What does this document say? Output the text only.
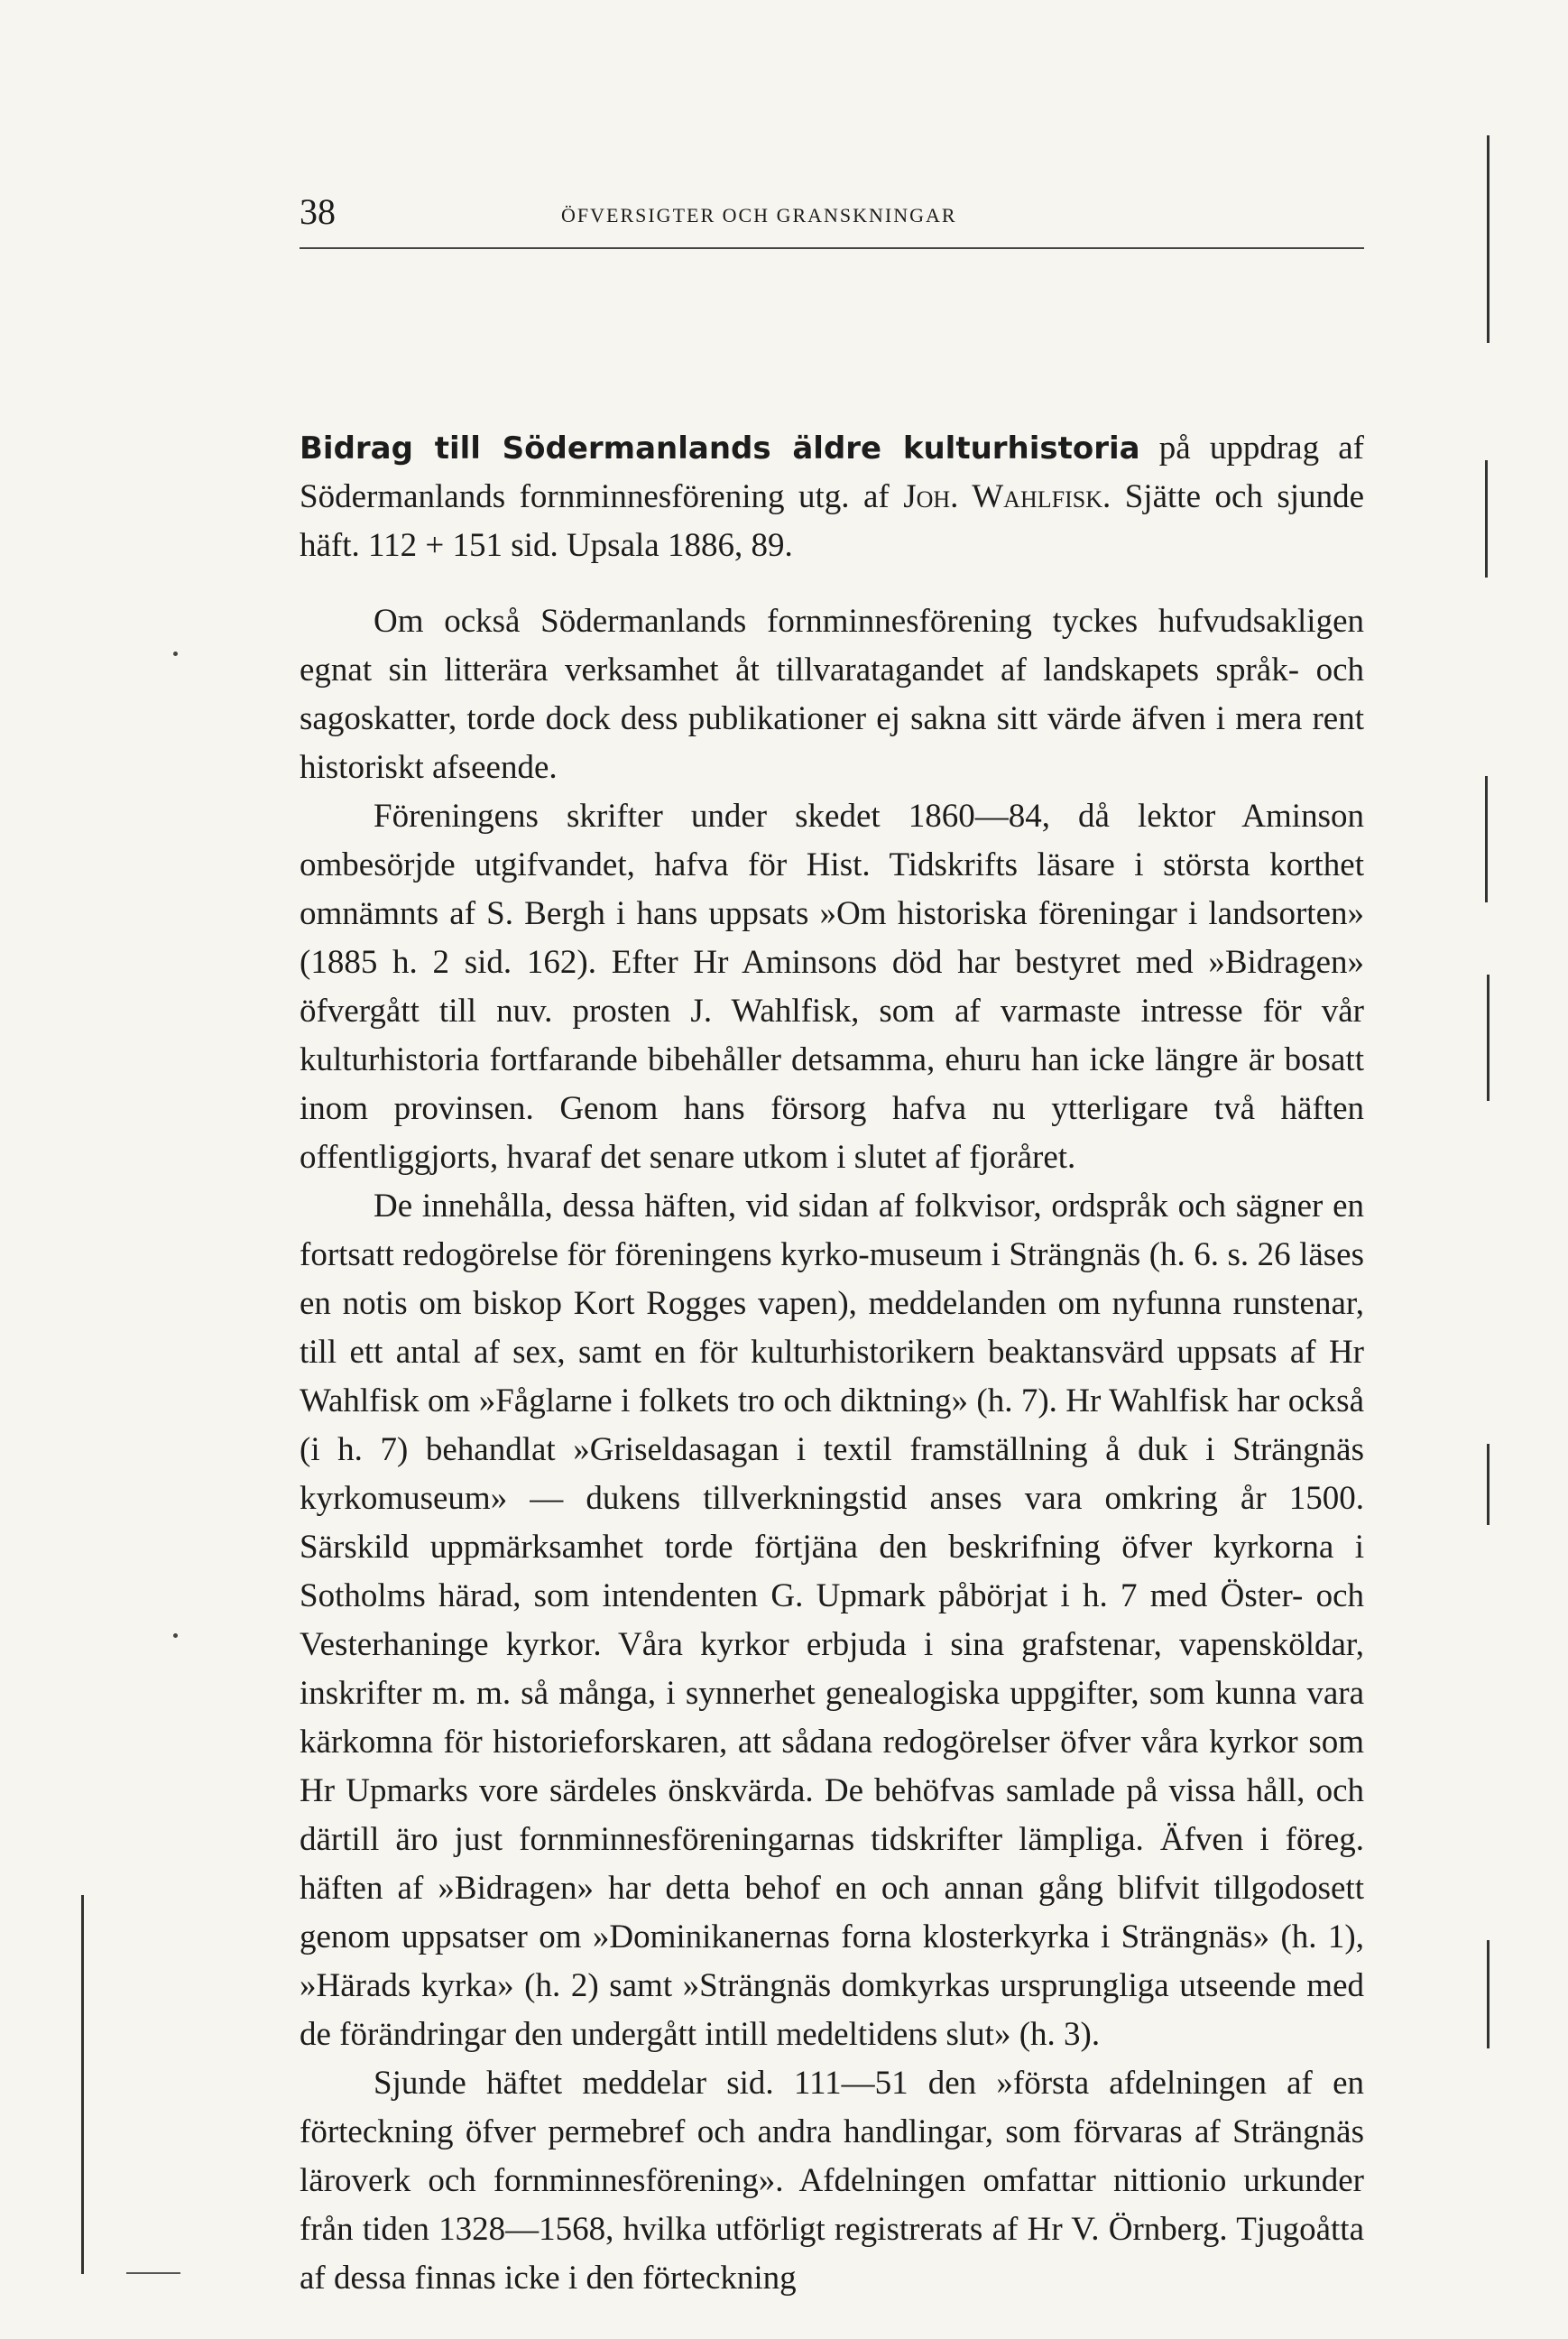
38	ÖFVERSIGTER OCH GRANSKNINGAR

Bidrag till Södermanlands äldre kulturhistoria på uppdrag af Södermanlands fornminnesförening utg. af Joh. Wahlfisk. Sjätte och sjunde häft. 112 + 151 sid. Upsala 1886, 89.

Om också Södermanlands fornminnesförening tyckes hufvudsakligen egnat sin litterära verksamhet åt tillvaratagandet af landskapets språk- och sagoskatter, torde dock dess publikationer ej sakna sitt värde äfven i mera rent historiskt afseende.

Föreningens skrifter under skedet 1860—84, då lektor Aminson ombesörjde utgifvandet, hafva för Hist. Tidskrifts läsare i största korthet omnämnts af S. Bergh i hans uppsats »Om historiska föreningar i landsorten» (1885 h. 2 sid. 162). Efter Hr Aminsons död har bestyret med »Bidragen» öfvergått till nuv. prosten J. Wahlfisk, som af varmaste intresse för vår kulturhistoria fortfarande bibehåller detsamma, ehuru han icke längre är bosatt inom provinsen. Genom hans försorg hafva nu ytterligare två häften offentliggjorts, hvaraf det senare utkom i slutet af fjoråret.

De innehålla, dessa häften, vid sidan af folkvisor, ordspråk och sägner en fortsatt redogörelse för föreningens kyrko-museum i Strängnäs (h. 6. s. 26 läses en notis om biskop Kort Rogges vapen), meddelanden om nyfunna runstenar, till ett antal af sex, samt en för kulturhistorikern beaktansvärd uppsats af Hr Wahlfisk om »Fåglarne i folkets tro och diktning» (h. 7). Hr Wahlfisk har också (i h. 7) behandlat »Griseldasagan i textil framställning å duk i Strängnäs kyrkomuseum» — dukens tillverkningstid anses vara omkring år 1500. Särskild uppmärksamhet torde förtjäna den beskrifning öfver kyrkorna i Sotholms härad, som intendenten G. Upmark påbörjat i h. 7 med Öster- och Vesterhaninge kyrkor. Våra kyrkor erbjuda i sina grafstenar, vapensköldar, inskrifter m. m. så många, i synnerhet genealogiska uppgifter, som kunna vara kärkomna för historieforskaren, att sådana redogörelser öfver våra kyrkor som Hr Upmarks vore särdeles önskvärda. De behöfvas samlade på vissa håll, och därtill äro just fornminnesföreningarnas tidskrifter lämpliga. Äfven i föreg. häften af »Bidragen» har detta behof en och annan gång blifvit tillgodosett genom uppsatser om »Dominikanernas forna klosterkyrka i Strängnäs» (h. 1), »Härads kyrka» (h. 2) samt »Strängnäs domkyrkas ursprungliga utseende med de förändringar den undergått intill medeltidens slut» (h. 3).

Sjunde häftet meddelar sid. 111—51 den »första afdelningen af en förteckning öfver permebref och andra handlingar, som förvaras af Strängnäs läroverk och fornminnesförening». Afdelningen omfattar nittionio urkunder från tiden 1328—1568, hvilka utförligt registrerats af Hr V. Örnberg. Tjugoåtta af dessa finnas icke i den förteckning
